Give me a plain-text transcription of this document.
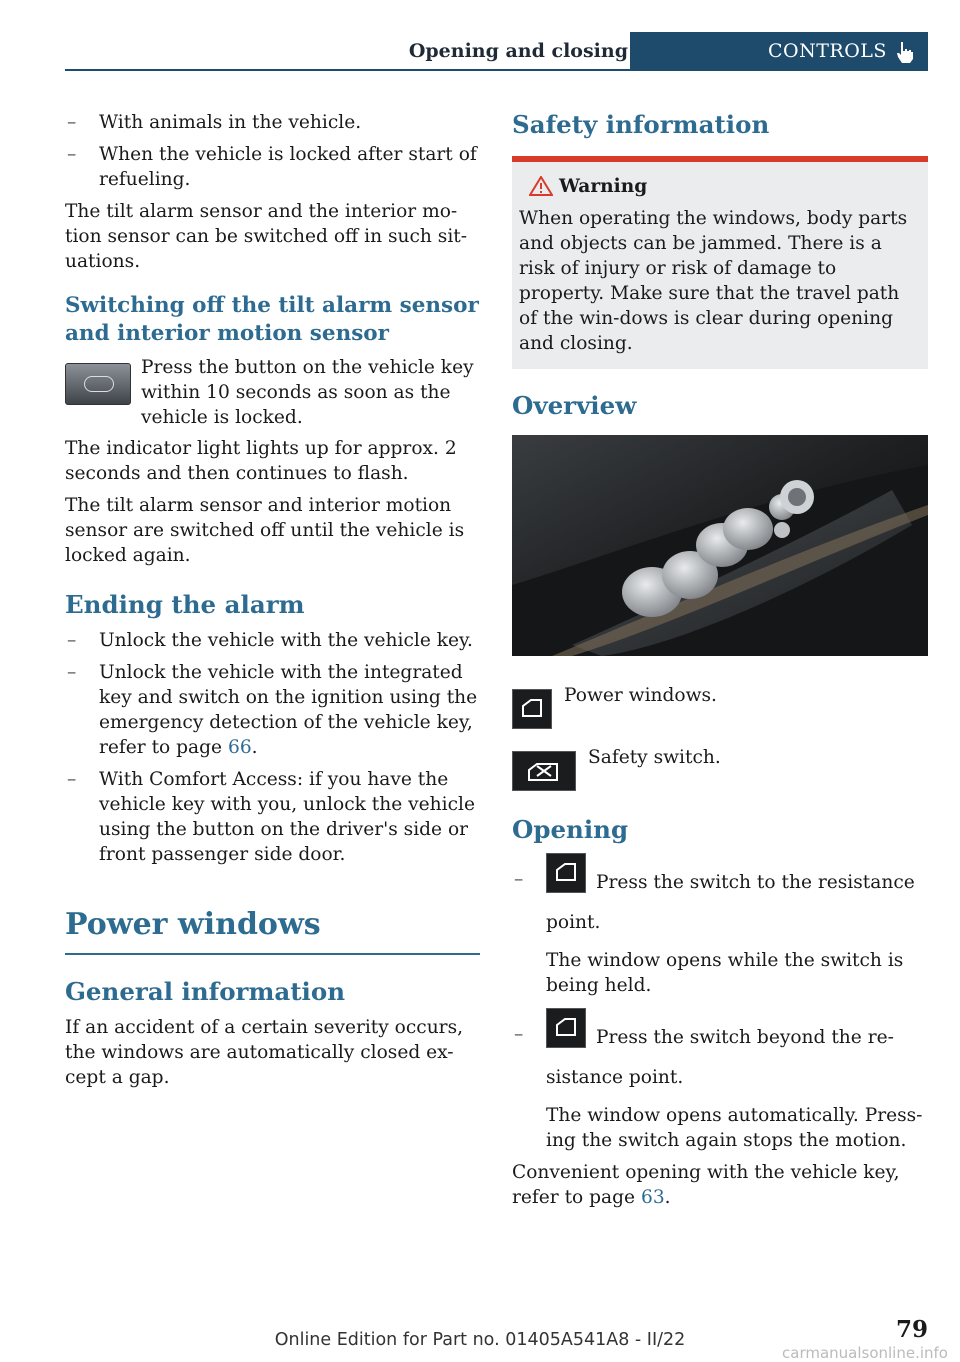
Opening and closing	CONTROLS
– With animals in the vehicle.
– When the vehicle is locked after start of refueling.

The tilt alarm sensor and the interior mo-tion sensor can be switched off in such sit-uations.

Switching off the tilt alarm sensor and interior motion sensor
Press the button on the vehicle key within 10 seconds as soon as the vehicle is locked.

The indicator light lights up for approx. 2 seconds and then continues to flash.

The tilt alarm sensor and interior motion sensor are switched off until the vehicle is locked again.

Ending the alarm
– Unlock the vehicle with the vehicle key.
– Unlock the vehicle with the integrated key and switch on the ignition using the emergency detection of the vehicle key, refer to page 66.
– With Comfort Access: if you have the vehicle key with you, unlock the vehicle using the button on the driver's side or front passenger side door.
Power windows
General information

If an accident of a certain severity occurs, the windows are automatically closed ex-cept a gap.

Safety information
Warning
When operating the windows, body parts and objects can be jammed. There is a risk of injury or risk of damage to property. Make sure that the travel path of the win-dows is clear during opening and closing.
Overview
Power windows.
Safety switch.
Opening
– Press the switch to the resistance point.
The window opens while the switch is being held.
– Press the switch beyond the re-sistance point.
The window opens automatically. Press-ing the switch again stops the motion.

Convenient opening with the vehicle key, refer to page 63.

79
Online Edition for Part no. 01405A541A8 - II/22
carmanualsonline.info
